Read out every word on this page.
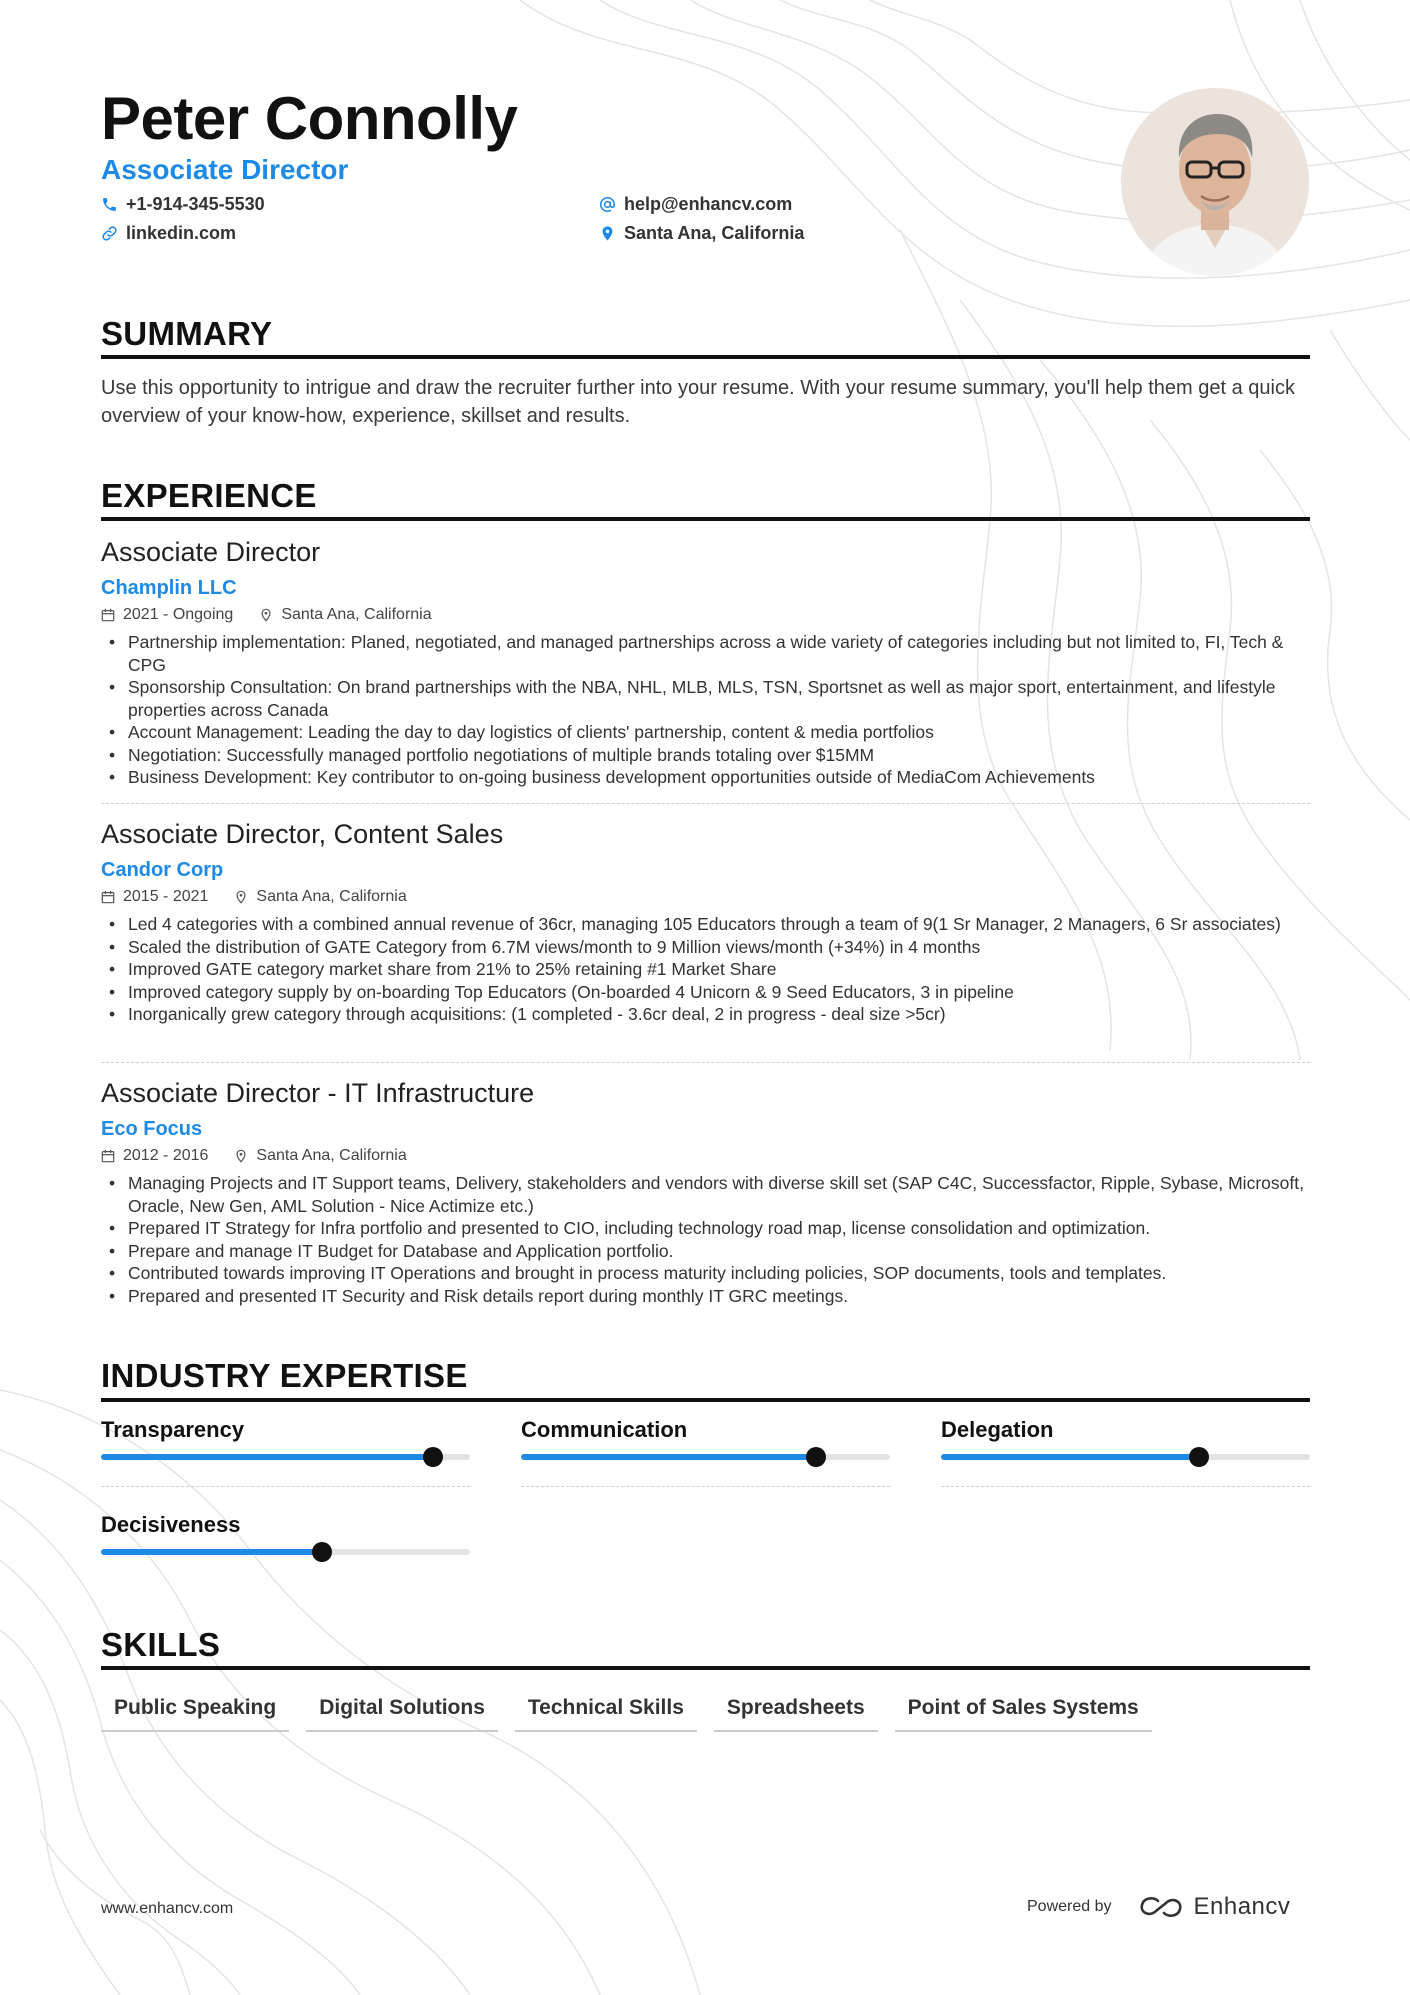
Peter Connolly
Associate Director
+1-914-345-5530	help@enhancv.com
linkedin.com	Santa Ana, California
SUMMARY
Use this opportunity to intrigue and draw the recruiter further into your resume. With your resume summary, you'll help them get a quick overview of your know-how, experience, skillset and results.
EXPERIENCE
Associate Director
Champlin LLC
2021 - Ongoing	Santa Ana, California
• Partnership implementation: Planed, negotiated, and managed partnerships across a wide variety of categories including but not limited to, FI, Tech & CPG
• Sponsorship Consultation: On brand partnerships with the NBA, NHL, MLB, MLS, TSN, Sportsnet as well as major sport, entertainment, and lifestyle properties across Canada
• Account Management: Leading the day to day logistics of clients' partnership, content & media portfolios
• Negotiation: Successfully managed portfolio negotiations of multiple brands totaling over $15MM
• Business Development: Key contributor to on-going business development opportunities outside of MediaCom Achievements
Associate Director, Content Sales
Candor Corp
2015 - 2021	Santa Ana, California
• Led 4 categories with a combined annual revenue of 36cr, managing 105 Educators through a team of 9(1 Sr Manager, 2 Managers, 6 Sr associates)
• Scaled the distribution of GATE Category from 6.7M views/month to 9 Million views/month (+34%) in 4 months
• Improved GATE category market share from 21% to 25% retaining #1 Market Share
• Improved category supply by on-boarding Top Educators (On-boarded 4 Unicorn & 9 Seed Educators, 3 in pipeline
• Inorganically grew category through acquisitions: (1 completed - 3.6cr deal, 2 in progress - deal size >5cr)
Associate Director - IT Infrastructure
Eco Focus
2012 - 2016	Santa Ana, California
• Managing Projects and IT Support teams, Delivery, stakeholders and vendors with diverse skill set (SAP C4C, Successfactor, Ripple, Sybase, Microsoft, Oracle, New Gen, AML Solution - Nice Actimize etc.)
• Prepared IT Strategy for Infra portfolio and presented to CIO, including technology road map, license consolidation and optimization.
• Prepare and manage IT Budget for Database and Application portfolio.
• Contributed towards improving IT Operations and brought in process maturity including policies, SOP documents, tools and templates.
• Prepared and presented IT Security and Risk details report during monthly IT GRC meetings.
INDUSTRY EXPERTISE
Transparency	Communication	Delegation
Decisiveness
SKILLS
Public Speaking	Digital Solutions	Technical Skills	Spreadsheets	Point of Sales Systems
www.enhancv.com	Powered by	Enhancv
